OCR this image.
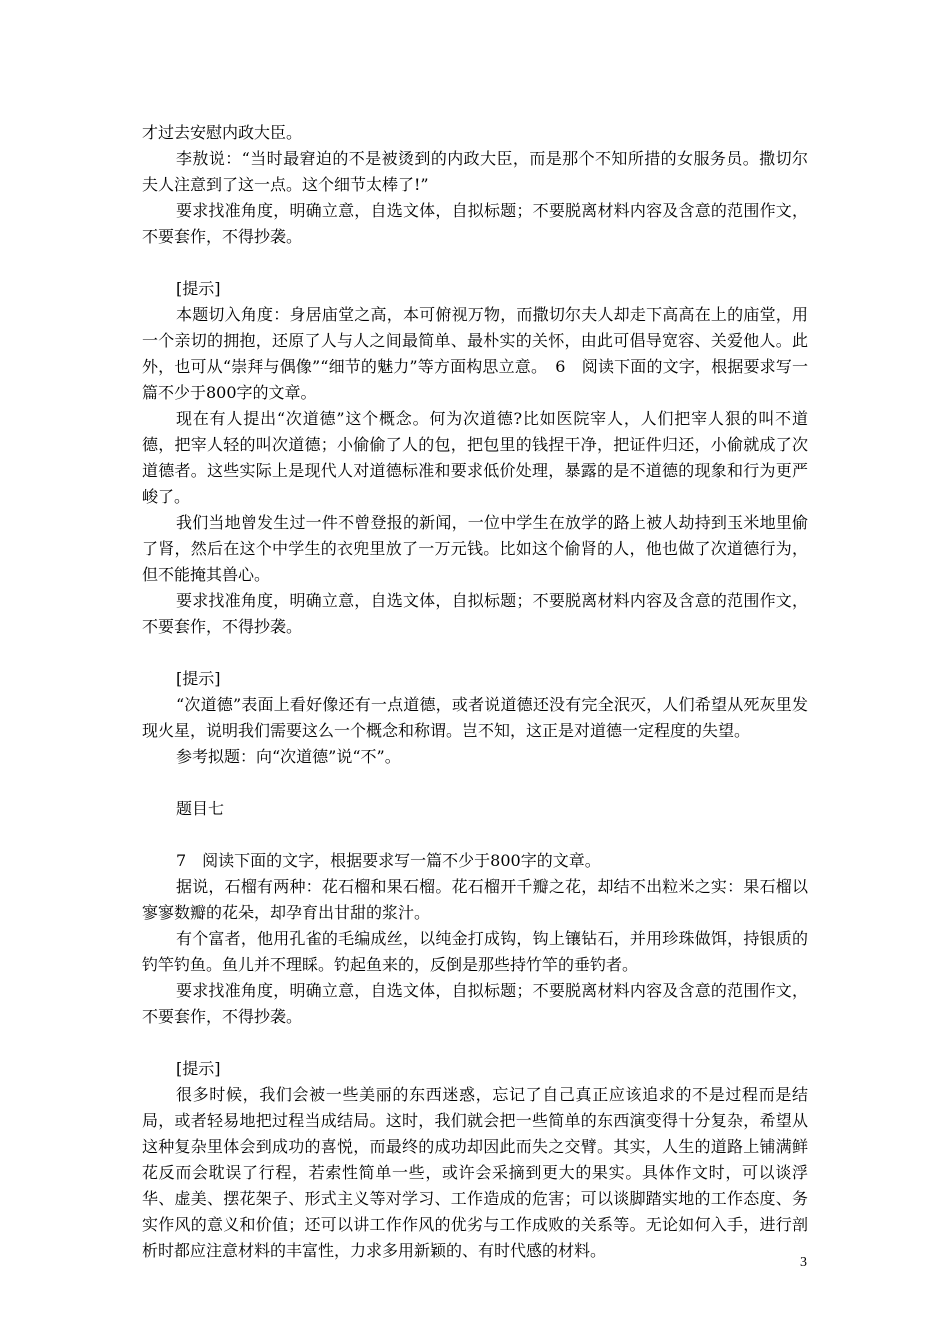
才过去安慰内政大臣。

李敖说：“当时最窘迫的不是被烫到的内政大臣，而是那个不知所措的女服务员。撒切尔夫人注意到了这一点。这个细节太棒了!”

要求找准角度，明确立意，自选文体，自拟标题；不要脱离材料内容及含意的范围作文，不要套作，不得抄袭。

[提示]

本题切入角度：身居庙堂之高，本可俯视万物，而撒切尔夫人却走下高高在上的庙堂，用一个亲切的拥抱，还原了人与人之间最简单、最朴实的关怀，由此可倡导宽容、关爱他人。此外，也可从“崇拜与偶像”“细节的魅力”等方面构思立意。　6　阅读下面的文字，根据要求写一篇不少于800字的文章。

现在有人提出“次道德”这个概念。何为次道德?比如医院宰人，人们把宰人狠的叫不道德，把宰人轻的叫次道德；小偷偷了人的包，把包里的钱捏干净，把证件归还，小偷就成了次道德者。这些实际上是现代人对道德标准和要求低价处理，暴露的是不道德的现象和行为更严峻了。

我们当地曾发生过一件不曾登报的新闻，一位中学生在放学的路上被人劫持到玉米地里偷了肾，然后在这个中学生的衣兜里放了一万元钱。比如这个偷肾的人，他也做了次道德行为，但不能掩其兽心。

要求找准角度，明确立意，自选文体，自拟标题；不要脱离材料内容及含意的范围作文，不要套作，不得抄袭。

[提示]

“次道德”表面上看好像还有一点道德，或者说道德还没有完全泯灭，人们希望从死灰里发现火星，说明我们需要这么一个概念和称谓。岂不知，这正是对道德一定程度的失望。

参考拟题：向“次道德”说“不”。

题目七

7　阅读下面的文字，根据要求写一篇不少于800字的文章。

据说，石榴有两种：花石榴和果石榴。花石榴开千瓣之花，却结不出粒米之实：果石榴以寥寥数瓣的花朵，却孕育出甘甜的浆汁。

有个富者，他用孔雀的毛编成丝，以纯金打成钩，钩上镶钻石，并用珍珠做饵，持银质的钓竿钓鱼。鱼儿并不理睬。钓起鱼来的，反倒是那些持竹竿的垂钓者。

要求找准角度，明确立意，自选文体，自拟标题；不要脱离材料内容及含意的范围作文，不要套作，不得抄袭。

[提示]

很多时候，我们会被一些美丽的东西迷惑，忘记了自己真正应该追求的不是过程而是结局，或者轻易地把过程当成结局。这时，我们就会把一些简单的东西演变得十分复杂，希望从这种复杂里体会到成功的喜悦，而最终的成功却因此而失之交臂。其实，人生的道路上铺满鲜花反而会耽误了行程，若索性简单一些，或许会采摘到更大的果实。具体作文时，可以谈浮华、虚美、摆花架子、形式主义等对学习、工作造成的危害；可以谈脚踏实地的工作态度、务实作风的意义和价值；还可以讲工作作风的优劣与工作成败的关系等。无论如何入手，进行剖析时都应注意材料的丰富性，力求多用新颖的、有时代感的材料。

3
